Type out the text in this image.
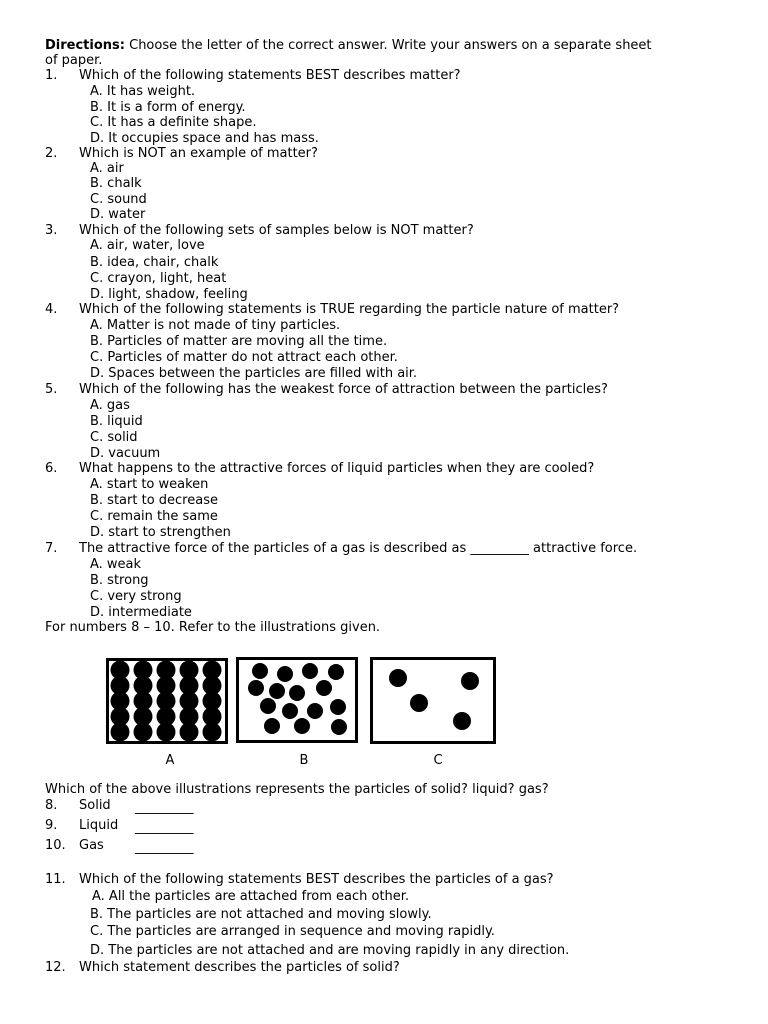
Directions: Choose the letter of the correct answer. Write your answers on a separate sheet
of paper.
1. Which of the following statements BEST describes matter?
A. It has weight.
B. It is a form of energy.
C. It has a definite shape.
D. It occupies space and has mass.
2. Which is NOT an example of matter?
A. air
B. chalk
C. sound
D. water
3. Which of the following sets of samples below is NOT matter?
A. air, water, love
B. idea, chair, chalk
C. crayon, light, heat
D. light, shadow, feeling
4. Which of the following statements is TRUE regarding the particle nature of matter?
A. Matter is not made of tiny particles.
B. Particles of matter are moving all the time.
C. Particles of matter do not attract each other.
D. Spaces between the particles are filled with air.
5. Which of the following has the weakest force of attraction between the particles?
A. gas
B. liquid
C. solid
D. vacuum
6. What happens to the attractive forces of liquid particles when they are cooled?
A. start to weaken
B. start to decrease
C. remain the same
D. start to strengthen
7. The attractive force of the particles of a gas is described as _________ attractive force.
A. weak
B. strong
C. very strong
D. intermediate
For numbers 8 – 10. Refer to the illustrations given.
A	B	C
Which of the above illustrations represents the particles of solid? liquid? gas?
8. Solid _________
9. Liquid _________
10. Gas _________
11. Which of the following statements BEST describes the particles of a gas?
A. All the particles are attached from each other.
B. The particles are not attached and moving slowly.
C. The particles are arranged in sequence and moving rapidly.
D. The particles are not attached and are moving rapidly in any direction.
12. Which statement describes the particles of solid?
